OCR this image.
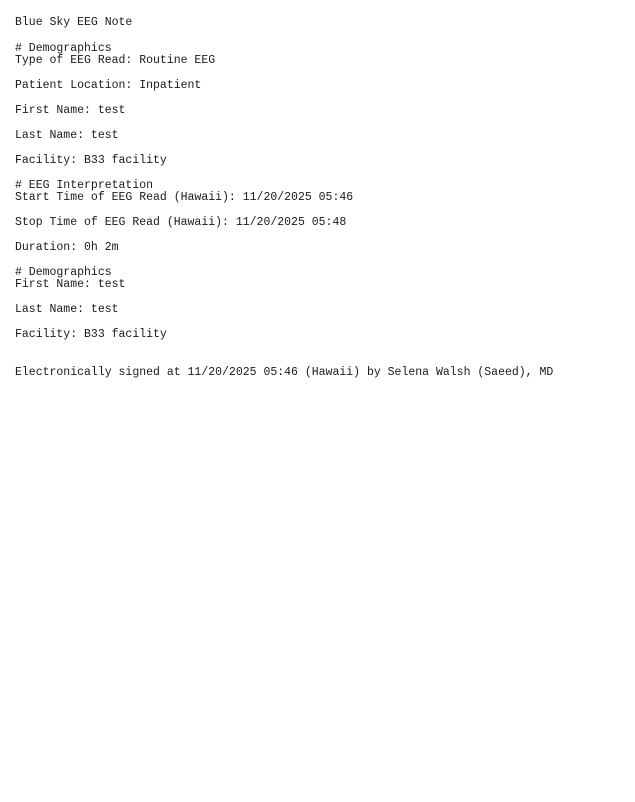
Blue Sky EEG Note

# Demographics

Type of EEG Read: Routine EEG

Patient Location: Inpatient

First Name: test

Last Name: test

Facility: B33 facility

# EEG Interpretation

Start Time of EEG Read (Hawaii): 11/20/2025 05:46

Stop Time of EEG Read (Hawaii): 11/20/2025 05:48

Duration: 0h 2m

# Demographics

First Name: test

Last Name: test

Facility: B33 facility

Electronically signed at 11/20/2025 05:46 (Hawaii) by Selena Walsh (Saeed), MD
